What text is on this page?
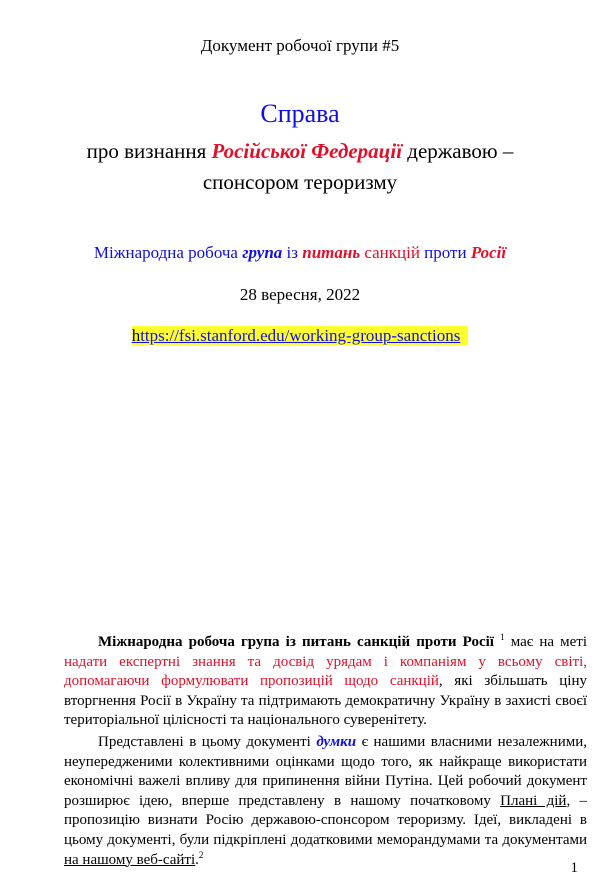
Документ робочої групи #5
Справа
про визнання Російської Федерації державою –
спонсором тероризму
Міжнародна робоча група із питань санкцій проти Росії
28 вересня, 2022
https://fsi.stanford.edu/working-group-sanctions

Міжнародна робоча група із питань санкцій проти Росії $^1$ має на меті надати експертні знання та досвід урядам і компаніям у всьому світі, допомагаючи формулювати пропозицій щодо санкцій, які збільшать ціну вторгнення Росії в Україну та підтримають демократичну Україну в захисті своєї територіальної цілісності та національного суверенітету.

Представлені в цьому документі думки є нашими власними незалежними, неупередженими колективними оцінками щодо того, як найкраще використати економічні важелі впливу для припинення війни Путіна. Цей робочий документ розширює ідею, вперше представлену в нашому початковому Плані дій, – пропозицію визнати Росію державою-спонсором тероризму. Ідеї, викладені в цьому документі, були підкріплені додатковими меморандумами та документами на нашому веб-сайті.$^2$

1
